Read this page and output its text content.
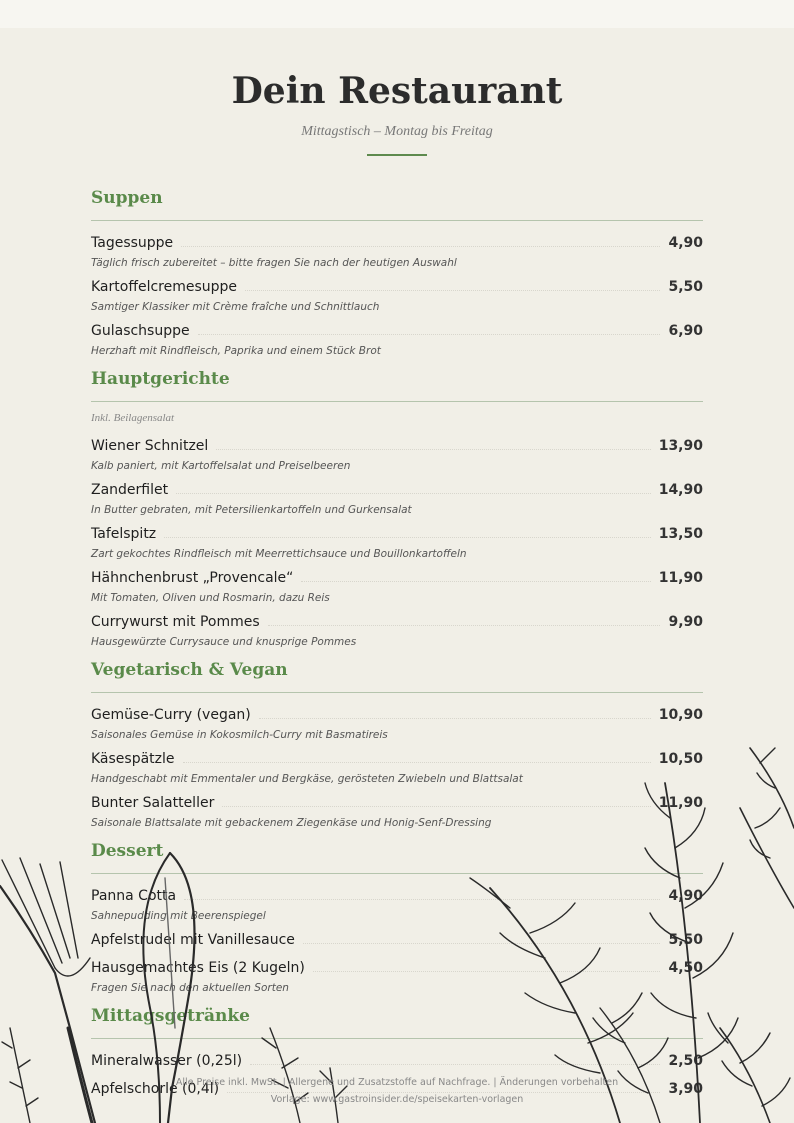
Dein Restaurant
Mittagstisch – Montag bis Freitag
Suppen
Tagessuppe	4,90
Täglich frisch zubereitet – bitte fragen Sie nach der heutigen Auswahl
Kartoffelcremesuppe	5,50
Samtiger Klassiker mit Crème fraîche und Schnittlauch
Gulaschsuppe	6,90
Herzhaft mit Rindfleisch, Paprika und einem Stück Brot
Hauptgerichte
Inkl. Beilagensalat
Wiener Schnitzel	13,90
Kalb paniert, mit Kartoffelsalat und Preiselbeeren
Zanderfilet	14,90
In Butter gebraten, mit Petersilienkartoffeln und Gurkensalat
Tafelspitz	13,50
Zart gekochtes Rindfleisch mit Meerrettichsauce und Bouillonkartoffeln
Hähnchenbrust „Provencale“	11,90
Mit Tomaten, Oliven und Rosmarin, dazu Reis
Currywurst mit Pommes	9,90
Hausgewürzte Currysauce und knusprige Pommes
Vegetarisch & Vegan
Gemüse-Curry (vegan)	10,90
Saisonales Gemüse in Kokosmilch-Curry mit Basmatireis
Käsespätzle	10,50
Handgeschabt mit Emmentaler und Bergkäse, gerösteten Zwiebeln und Blattsalat
Bunter Salatteller	11,90
Saisonale Blattsalate mit gebackenem Ziegenkäse und Honig-Senf-Dressing
Dessert
Panna Cotta	4,90
Sahnepudding mit Beerenspiegel
Apfelstrudel mit Vanillesauce	5,50
Hausgemachtes Eis (2 Kugeln)	4,50
Fragen Sie nach den aktuellen Sorten
Mittagsgetränke
Mineralwasser (0,25l)	2,50
Apfelschorle (0,4l)	3,90
Alle Preise inkl. MwSt. | Allergene und Zusatzstoffe auf Nachfrage. | Änderungen vorbehalten
Vorlage: www.gastroinsider.de/speisekarten-vorlagen
